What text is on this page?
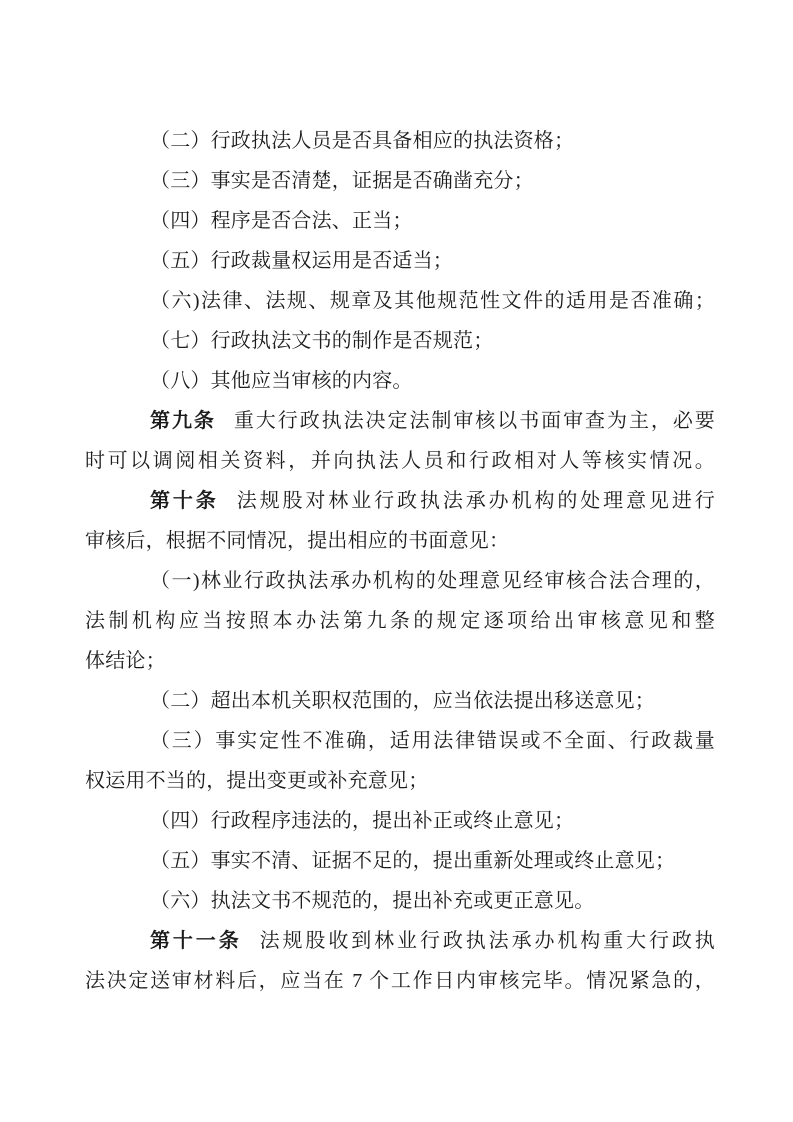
（二）行政执法人员是否具备相应的执法资格；
（三）事实是否清楚，证据是否确凿充分；
（四）程序是否合法、正当；
（五）行政裁量权运用是否适当；
（六)法律、法规、规章及其他规范性文件的适用是否准确；
（七）行政执法文书的制作是否规范；
（八）其他应当审核的内容。
第九条 重大行政执法决定法制审核以书面审查为主，必要
时可以调阅相关资料，并向执法人员和行政相对人等核实情况。
第十条 法规股对林业行政执法承办机构的处理意见进行
审核后，根据不同情况，提出相应的书面意见：
（一)林业行政执法承办机构的处理意见经审核合法合理的，
法制机构应当按照本办法第九条的规定逐项给出审核意见和整
体结论；
（二）超出本机关职权范围的，应当依法提出移送意见；
（三）事实定性不准确，适用法律错误或不全面、行政裁量
权运用不当的，提出变更或补充意见；
（四）行政程序违法的，提出补正或终止意见；
（五）事实不清、证据不足的，提出重新处理或终止意见；
（六）执法文书不规范的，提出补充或更正意见。
第十一条 法规股收到林业行政执法承办机构重大行政执
法决定送审材料后，应当在 7 个工作日内审核完毕。情况紧急的，
